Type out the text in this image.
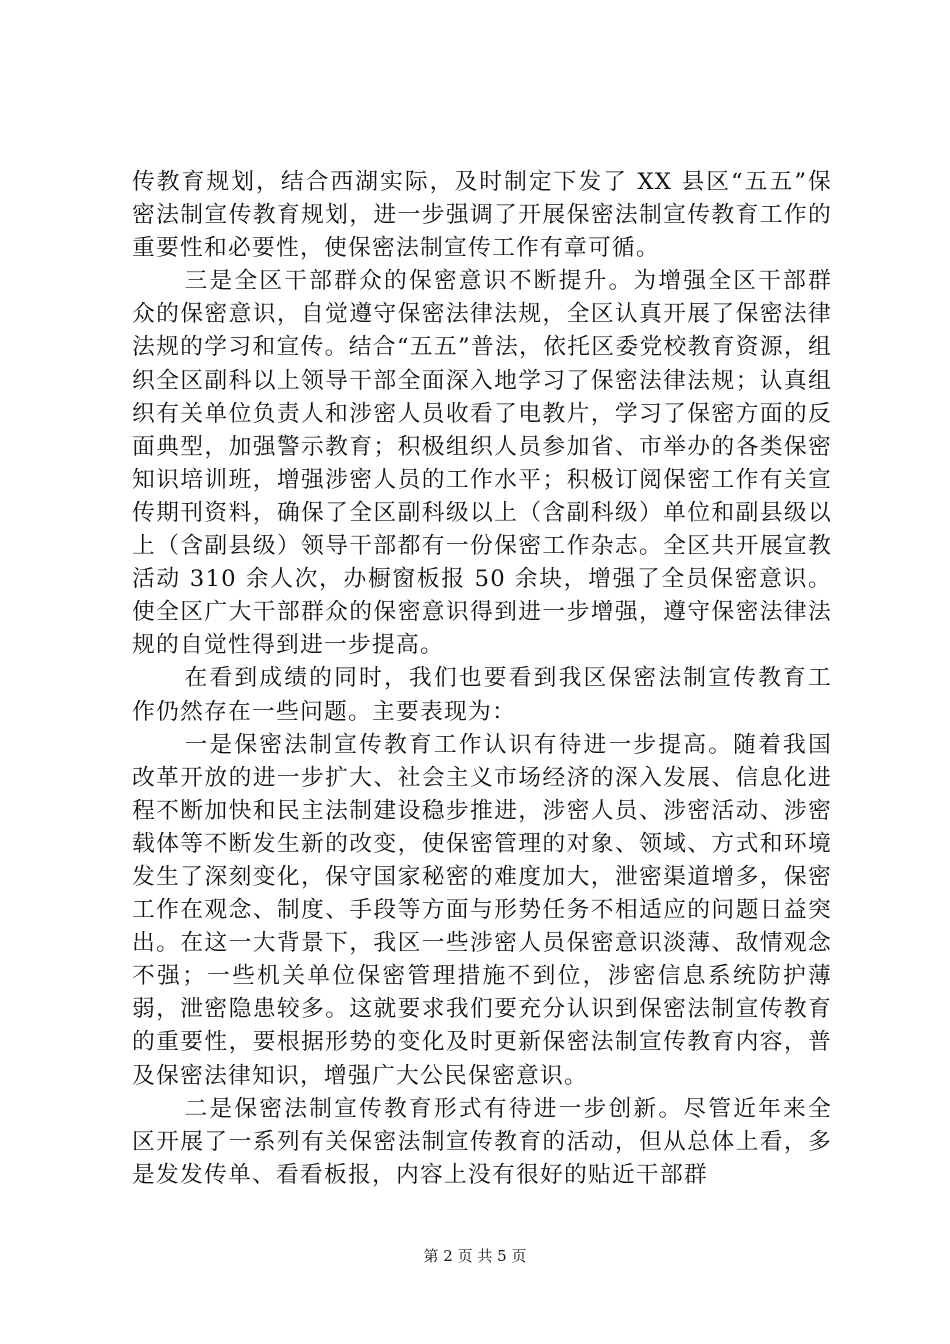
传教育规划，结合西湖实际，及时制定下发了 XX 县区“五五”保密法制宣传教育规划，进一步强调了开展保密法制宣传教育工作的重要性和必要性，使保密法制宣传工作有章可循。

三是全区干部群众的保密意识不断提升。为增强全区干部群众的保密意识，自觉遵守保密法律法规，全区认真开展了保密法律法规的学习和宣传。结合“五五”普法，依托区委党校教育资源，组织全区副科以上领导干部全面深入地学习了保密法律法规；认真组织有关单位负责人和涉密人员收看了电教片，学习了保密方面的反面典型，加强警示教育；积极组织人员参加省、市举办的各类保密知识培训班，增强涉密人员的工作水平；积极订阅保密工作有关宣传期刊资料，确保了全区副科级以上（含副科级）单位和副县级以上（含副县级）领导干部都有一份保密工作杂志。全区共开展宣教活动 310 余人次，办橱窗板报 50 余块，增强了全员保密意识。使全区广大干部群众的保密意识得到进一步增强，遵守保密法律法规的自觉性得到进一步提高。

在看到成绩的同时，我们也要看到我区保密法制宣传教育工作仍然存在一些问题。主要表现为：

一是保密法制宣传教育工作认识有待进一步提高。随着我国改革开放的进一步扩大、社会主义市场经济的深入发展、信息化进程不断加快和民主法制建设稳步推进，涉密人员、涉密活动、涉密载体等不断发生新的改变，使保密管理的对象、领域、方式和环境发生了深刻变化，保守国家秘密的难度加大，泄密渠道增多，保密工作在观念、制度、手段等方面与形势任务不相适应的问题日益突出。在这一大背景下，我区一些涉密人员保密意识淡薄、敌情观念不强；一些机关单位保密管理措施不到位，涉密信息系统防护薄弱，泄密隐患较多。这就要求我们要充分认识到保密法制宣传教育的重要性，要根据形势的变化及时更新保密法制宣传教育内容，普及保密法律知识，增强广大公民保密意识。

二是保密法制宣传教育形式有待进一步创新。尽管近年来全区开展了一系列有关保密法制宣传教育的活动，但从总体上看，多是发发传单、看看板报，内容上没有很好的贴近干部群

第 2 页 共 5 页
